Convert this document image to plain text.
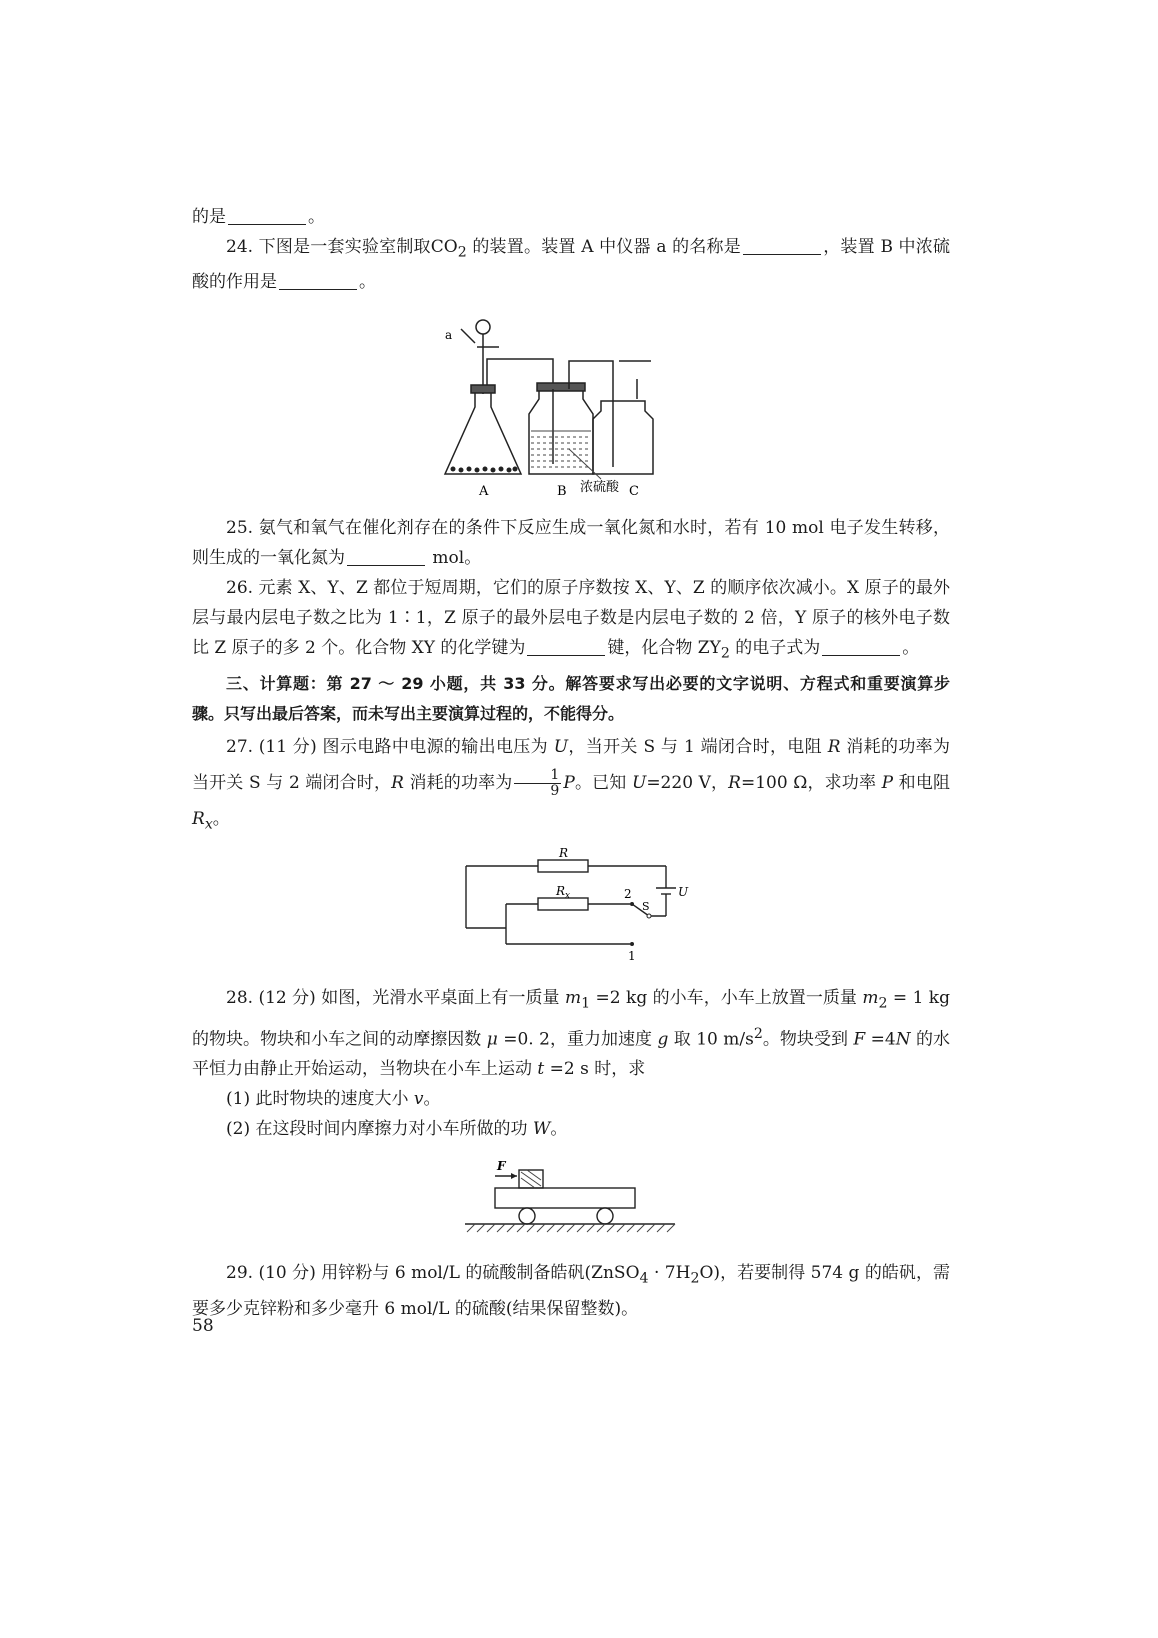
的是	。

24. 下图是一套实验室制取$CO_2$ 的装置。装置 A 中仪器 a 的名称是	，装置 B 中浓硫酸的作用是	。

a
A	B 浓硫酸 C

25. 氨气和氧气在催化剂存在的条件下反应生成一氧化氮和水时，若有 10 mol 电子发生转移，则生成的一氧化氮为	mol。

26. 元素 X、Y、Z 都位于短周期，它们的原子序数按 X、Y、Z 的顺序依次减小。X 原子的最外层与最内层电子数之比为 1∶1，Z 原子的最外层电子数是内层电子数的 2 倍，Y 原子的核外电子数比 Z 原子的多 2 个。化合物 XY 的化学键为	键，化合物 $ZY_2$ 的电子式为	。

三、计算题：第 27 ～ 29 小题，共 33 分。解答要求写出必要的文字说明、方程式和重要演算步骤。只写出最后答案，而未写出主要演算过程的，不能得分。

27. (11 分) 图示电路中电源的输出电压为 U，当开关 S 与 1 端闭合时，电阻 R 消耗的功率为当开关 S 与 2 端闭合时，R 消耗的功率为 $\frac{1}{9}$ P。已知 U=220 V，R=100 Ω，求功率 P 和电阻 $R_x$。

R
$R_x$	U
S
2
1

28. (12 分) 如图，光滑水平桌面上有一质量 $m_1 =2$ kg 的小车，小车上放置一质量 $m_2 = 1$ kg 的物块。物块和小车之间的动摩擦因数 μ =0. 2，重力加速度 g 取 10 $m/s^2$。物块受到 F =4N 的水平恒力由静止开始运动，当物块在小车上运动 t =2 s 时，求

(1) 此时物块的速度大小 v。

(2) 在这段时间内摩擦力对小车所做的功 W。

F

29. (10 分) 用锌粉与 6 mol/L 的硫酸制备皓矾(ZnSO$_4$ · $7H_2O$)，若要制得 574 g 的皓矾，需要多少克锌粉和多少毫升 6 mol/L 的硫酸(结果保留整数)。

58
